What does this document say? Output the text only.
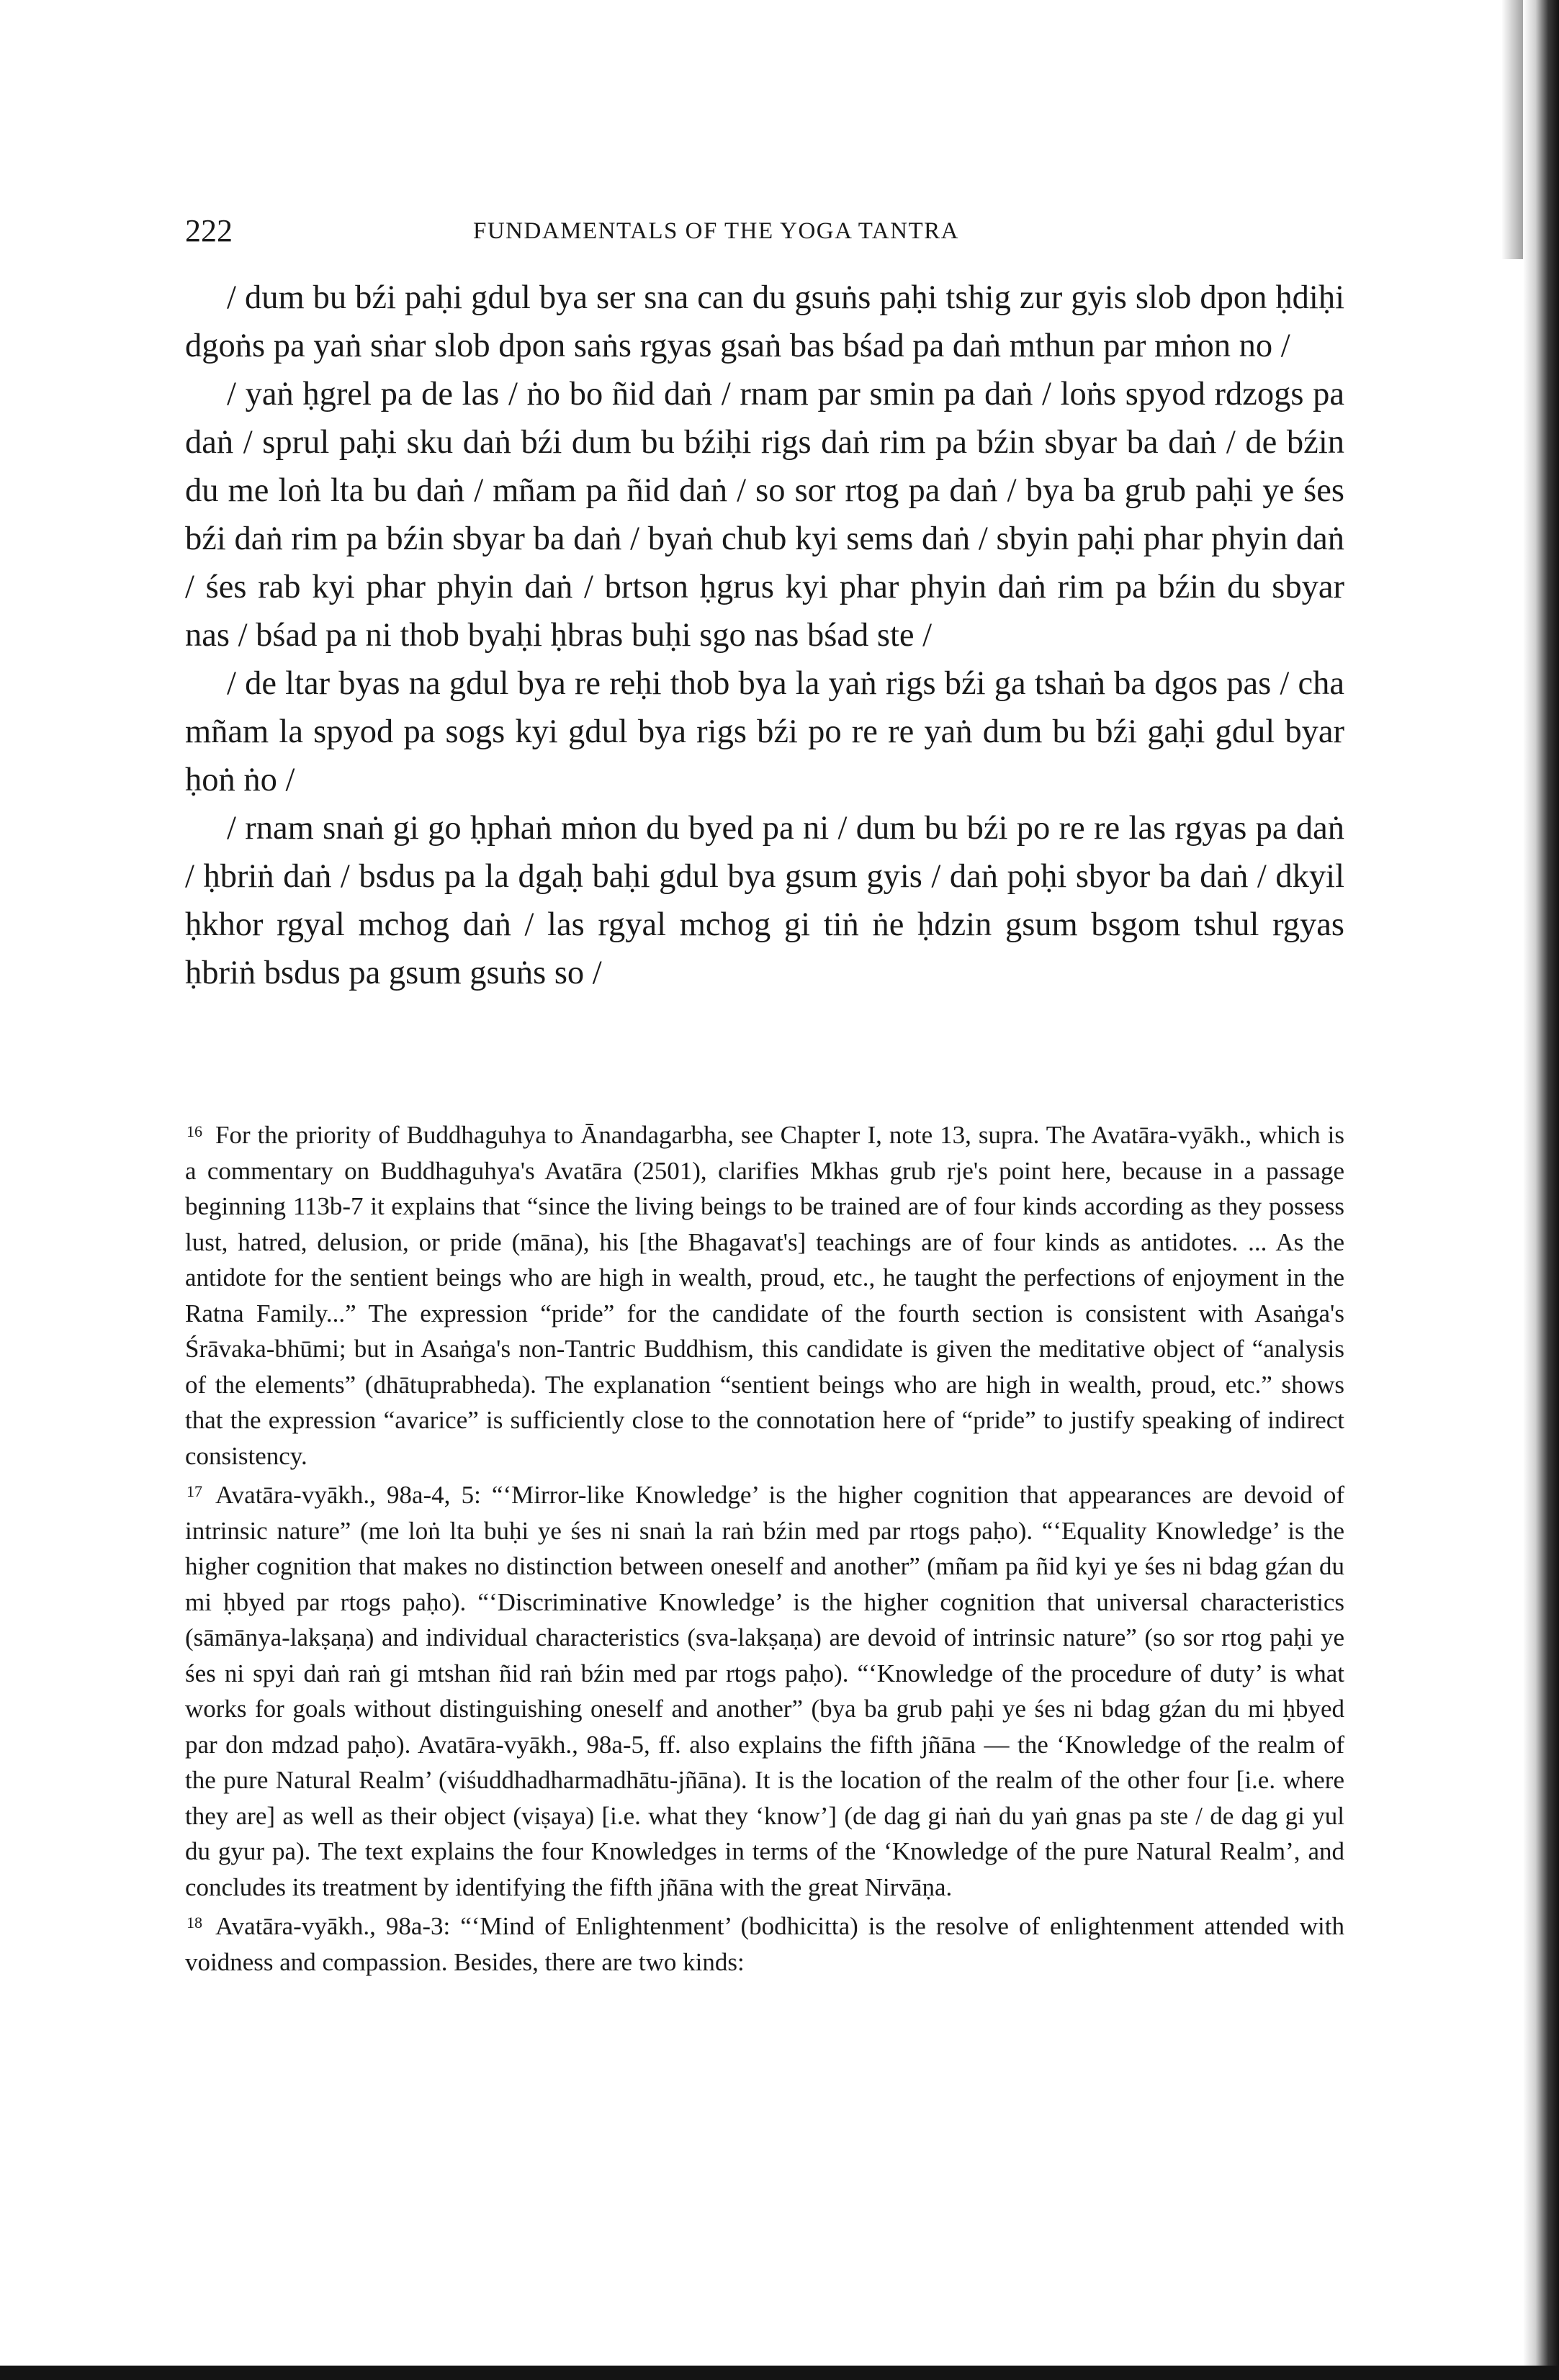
222	FUNDAMENTALS OF THE YOGA TANTRA

/ dum bu bźi paḥi gdul bya ser sna can du gsuṅs paḥi tshig zur gyis slob dpon ḥdiḥi dgoṅs pa yaṅ sṅar slob dpon saṅs rgyas gsaṅ bas bśad pa daṅ mthun par mṅon no /

/ yaṅ ḥgrel pa de las / ṅo bo ñid daṅ / rnam par smin pa daṅ / loṅs spyod rdzogs pa daṅ / sprul paḥi sku daṅ bźi dum bu bźiḥi rigs daṅ rim pa bźin sbyar ba daṅ / de bźin du me loṅ lta bu daṅ / mñam pa ñid daṅ / so sor rtog pa daṅ / bya ba grub paḥi ye śes bźi daṅ rim pa bźin sbyar ba daṅ / byaṅ chub kyi sems daṅ / sbyin paḥi phar phyin daṅ / śes rab kyi phar phyin daṅ / brtson ḥgrus kyi phar phyin daṅ rim pa bźin du sbyar nas / bśad pa ni thob byaḥi ḥbras buḥi sgo nas bśad ste /

/ de ltar byas na gdul bya re reḥi thob bya la yaṅ rigs bźi ga tshaṅ ba dgos pas / cha mñam la spyod pa sogs kyi gdul bya rigs bźi po re re yaṅ dum bu bźi gaḥi gdul byar ḥoṅ ṅo /

/ rnam snaṅ gi go ḥphaṅ mṅon du byed pa ni / dum bu bźi po re re las rgyas pa daṅ / ḥbriṅ daṅ / bsdus pa la dgaḥ baḥi gdul bya gsum gyis / daṅ poḥi sbyor ba daṅ / dkyil ḥkhor rgyal mchog daṅ / las rgyal mchog gi tiṅ ṅe ḥdzin gsum bsgom tshul rgyas ḥbriṅ bsdus pa gsum gsuṅs so /

$^{16}$ For the priority of Buddhaguhya to Ānandagarbha, see Chapter I, note 13, supra. The Avatāra-vyākh., which is a commentary on Buddhaguhya's Avatāra (2501), clarifies Mkhas grub rje's point here, because in a passage beginning 113b-7 it explains that “since the living beings to be trained are of four kinds according as they possess lust, hatred, delusion, or pride (māna), his [the Bhagavat's] teachings are of four kinds as antidotes. ... As the antidote for the sentient beings who are high in wealth, proud, etc., he taught the perfections of enjoyment in the Ratna Family...” The expression “pride” for the candidate of the fourth section is consistent with Asaṅga's Śrāvaka-bhūmi; but in Asaṅga's non-Tantric Buddhism, this candidate is given the meditative object of “analysis of the elements” (dhātuprabheda). The explanation “sentient beings who are high in wealth, proud, etc.” shows that the expression “avarice” is sufficiently close to the connotation here of “pride” to justify speaking of indirect consistency.

$^{17}$ Avatāra-vyākh., 98a-4, 5: “‘Mirror-like Knowledge’ is the higher cognition that appearances are devoid of intrinsic nature” (me loṅ lta buḥi ye śes ni snaṅ la raṅ bźin med par rtogs paḥo). “‘Equality Knowledge’ is the higher cognition that makes no distinction between oneself and another” (mñam pa ñid kyi ye śes ni bdag gźan du mi ḥbyed par rtogs paḥo). “‘Discriminative Knowledge’ is the higher cognition that universal characteristics (sāmānya-lakṣaṇa) and individual characteristics (sva-lakṣaṇa) are devoid of intrinsic nature” (so sor rtog paḥi ye śes ni spyi daṅ raṅ gi mtshan ñid raṅ bźin med par rtogs paḥo). “‘Knowledge of the procedure of duty’ is what works for goals without distinguishing oneself and another” (bya ba grub paḥi ye śes ni bdag gźan du mi ḥbyed par don mdzad paḥo). Avatāra-vyākh., 98a-5, ff. also explains the fifth jñāna — the ‘Knowledge of the realm of the pure Natural Realm’ (viśuddhadharmadhātu-jñāna). It is the location of the realm of the other four [i.e. where they are] as well as their object (viṣaya) [i.e. what they ‘know’] (de dag gi ṅaṅ du yaṅ gnas pa ste / de dag gi yul du gyur pa). The text explains the four Knowledges in terms of the ‘Knowledge of the pure Natural Realm’, and concludes its treatment by identifying the fifth jñāna with the great Nirvāṇa.

$^{18}$ Avatāra-vyākh., 98a-3: “‘Mind of Enlightenment’ (bodhicitta) is the resolve of enlightenment attended with voidness and compassion. Besides, there are two kinds:
